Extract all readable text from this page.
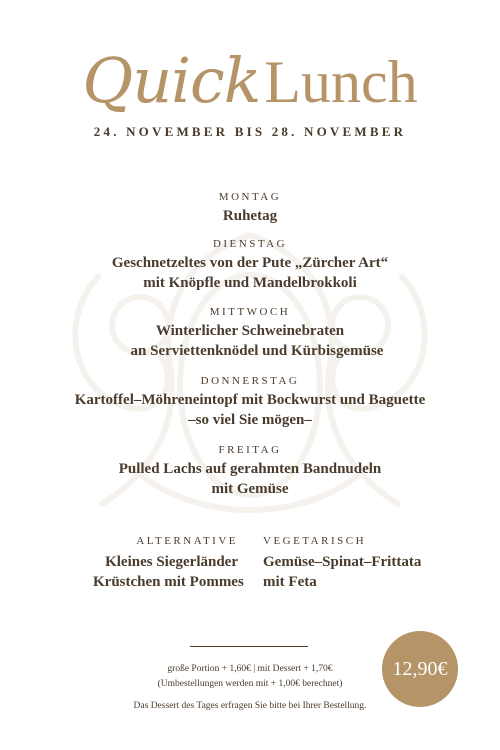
QuickLunch
24. NOVEMBER BIS 28. NOVEMBER
MONTAG
Ruhetag
DIENSTAG
Geschnetzeltes von der Pute „Zürcher Art“
mit Knöpfle und Mandelbrokkoli
MITTWOCH
Winterlicher Schweinebraten
an Serviettenknödel und Kürbisgemüse
DONNERSTAG
Kartoffel–Möhreneintopf mit Bockwurst und Baguette
–so viel Sie mögen–
FREITAG
Pulled Lachs auf gerahmten Bandnudeln
mit Gemüse
ALTERNATIVE
Kleines Siegerländer
Krüstchen mit Pommes
VEGETARISCH
Gemüse–Spinat–Frittata
mit Feta
große Portion + 1,60€ | mit Dessert + 1,70€
(Umbestellungen werden mit + 1,00€ berechnet)
Das Dessert des Tages erfragen Sie bitte bei Ihrer Bestellung.
12,90€
